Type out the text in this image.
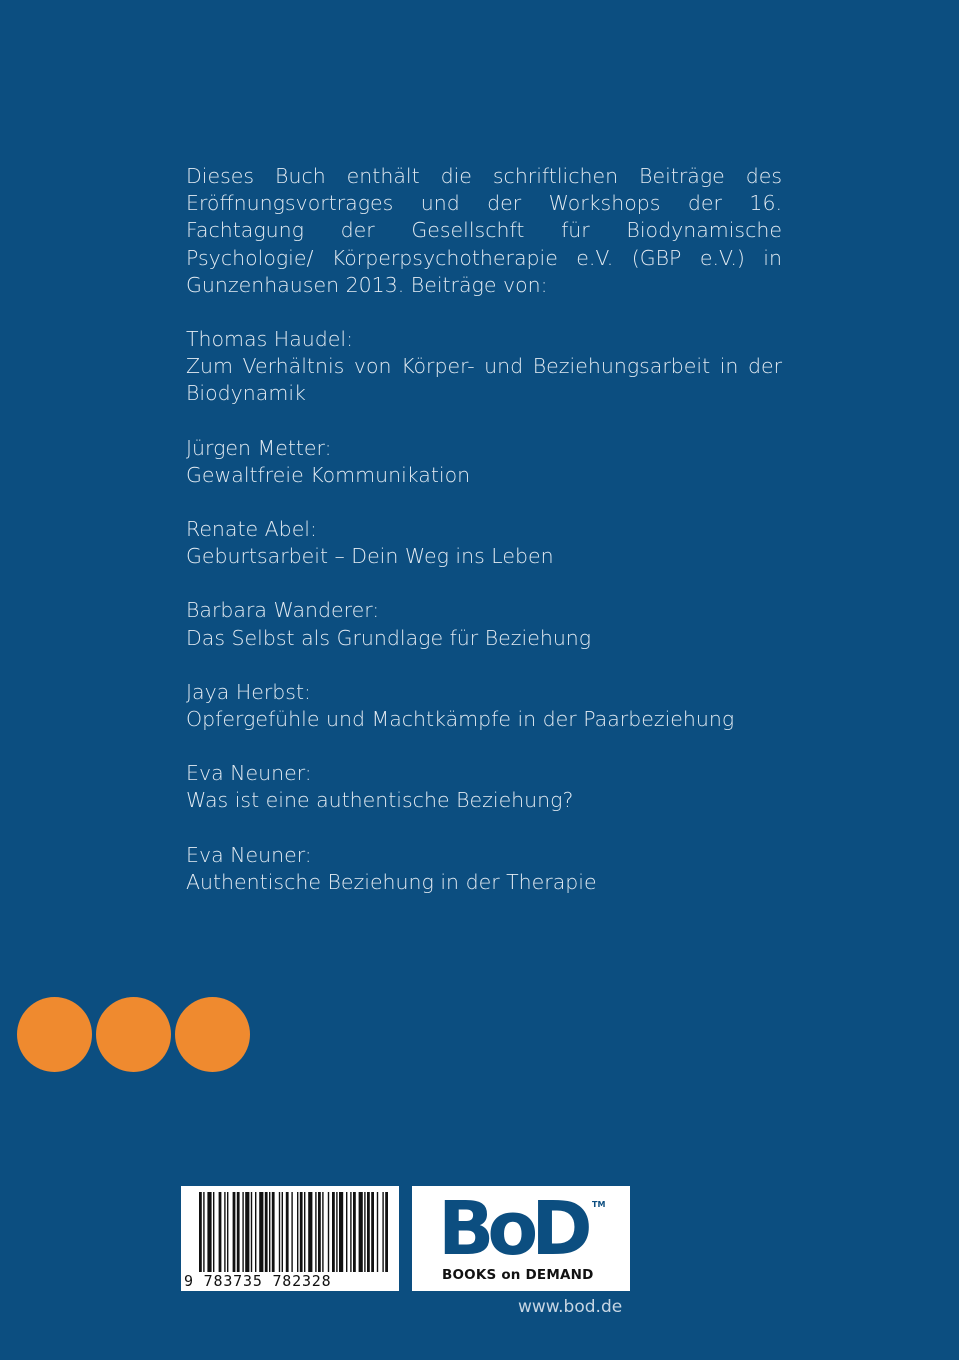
Dieses Buch enthält die schriftlichen Beiträge des Eröffnungsvortrages und der Workshops der 16. Fachtagung der Gesellschft für Biodynamische Psychologie/ Körperpsychotherapie e.V. (GBP e.V.) in Gunzenhausen 2013. Beiträge von:

Thomas Haudel:
Zum Verhältnis von Körper- und Beziehungsarbeit in der Biodynamik
Jürgen Metter:
Gewaltfreie Kommunikation
Renate Abel:
Geburtsarbeit – Dein Weg ins Leben
Barbara Wanderer:
Das Selbst als Grundlage für Beziehung
Jaya Herbst:
Opfergefühle und Machtkämpfe in der Paarbeziehung
Eva Neuner:
Was ist eine authentische Beziehung?
Eva Neuner:
Authentische Beziehung in der Therapie
9 783735 782328
BoD TM
BOOKS on DEMAND
www.bod.de
